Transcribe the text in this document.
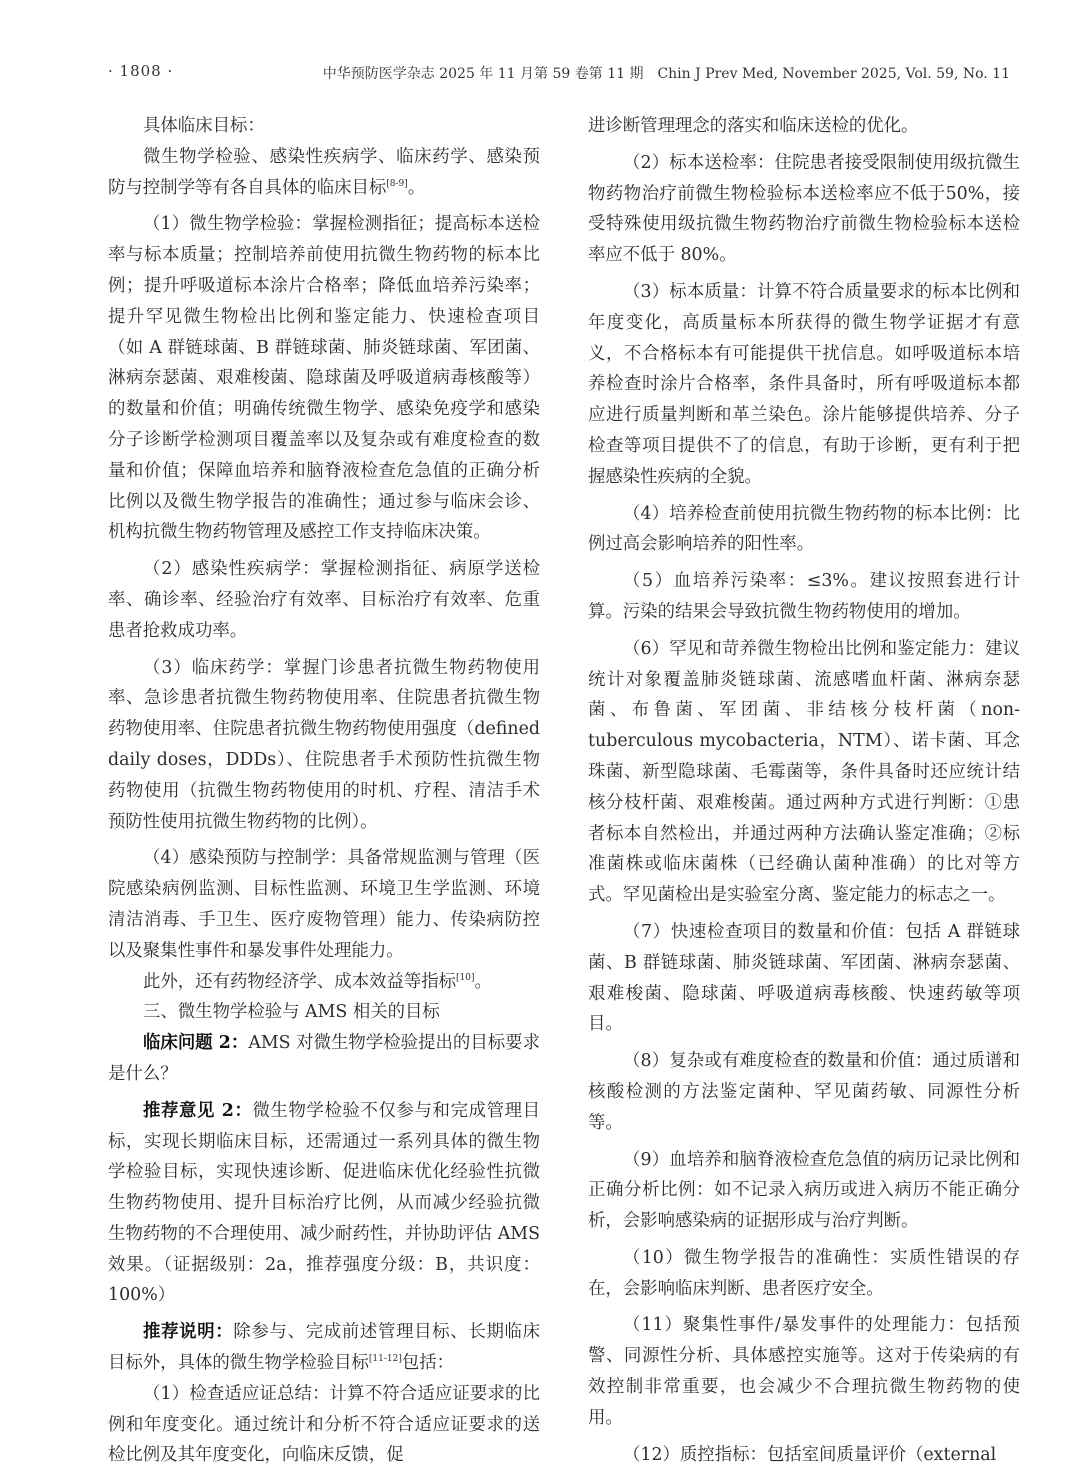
· 1808 ·	中华预防医学杂志 2025 年 11 月第 59 卷第 11 期　Chin J Prev Med, November 2025, Vol. 59, No. 11

具体临床目标：

微生物学检验、感染性疾病学、临床药学、感染预防与控制学等有各自具体的临床目标[8-9]。

（1）微生物学检验：掌握检测指征；提高标本送检率与标本质量；控制培养前使用抗微生物药物的标本比例；提升呼吸道标本涂片合格率；降低血培养污染率；提升罕见微生物检出比例和鉴定能力、快速检查项目（如 A 群链球菌、B 群链球菌、肺炎链球菌、军团菌、淋病奈瑟菌、艰难梭菌、隐球菌及呼吸道病毒核酸等）的数量和价值；明确传统微生物学、感染免疫学和感染分子诊断学检测项目覆盖率以及复杂或有难度检查的数量和价值；保障血培养和脑脊液检查危急值的正确分析比例以及微生物学报告的准确性；通过参与临床会诊、机构抗微生物药物管理及感控工作支持临床决策。

（2）感染性疾病学：掌握检测指征、病原学送检率、确诊率、经验治疗有效率、目标治疗有效率、危重患者抢救成功率。

（3）临床药学：掌握门诊患者抗微生物药物使用率、急诊患者抗微生物药物使用率、住院患者抗微生物药物使用率、住院患者抗微生物药物使用强度（defined daily doses，DDDs）、住院患者手术预防性抗微生物药物使用（抗微生物药物使用的时机、疗程、清洁手术预防性使用抗微生物药物的比例）。

（4）感染预防与控制学：具备常规监测与管理（医院感染病例监测、目标性监测、环境卫生学监测、环境清洁消毒、手卫生、医疗废物管理）能力、传染病防控以及聚集性事件和暴发事件处理能力。

此外，还有药物经济学、成本效益等指标[10]。

三、微生物学检验与 AMS 相关的目标

临床问题 2：AMS 对微生物学检验提出的目标要求是什么？

推荐意见 2：微生物学检验不仅参与和完成管理目标，实现长期临床目标，还需通过一系列具体的微生物学检验目标，实现快速诊断、促进临床优化经验性抗微生物药物使用、提升目标治疗比例，从而减少经验抗微生物药物的不合理使用、减少耐药性，并协助评估 AMS 效果。（证据级别：2a，推荐强度分级：B，共识度：100%）

推荐说明：除参与、完成前述管理目标、长期临床目标外，具体的微生物学检验目标[11-12]包括：

（1）检查适应证总结：计算不符合适应证要求的比例和年度变化。通过统计和分析不符合适应证要求的送检比例及其年度变化，向临床反馈，促

进诊断管理理念的落实和临床送检的优化。

（2）标本送检率：住院患者接受限制使用级抗微生物药物治疗前微生物检验标本送检率应不低于50%，接受特殊使用级抗微生物药物治疗前微生物检验标本送检率应不低于 80%。

（3）标本质量：计算不符合质量要求的标本比例和年度变化，高质量标本所获得的微生物学证据才有意义，不合格标本有可能提供干扰信息。如呼吸道标本培养检查时涂片合格率，条件具备时，所有呼吸道标本都应进行质量判断和革兰染色。涂片能够提供培养、分子检查等项目提供不了的信息，有助于诊断，更有利于把握感染性疾病的全貌。

（4）培养检查前使用抗微生物药物的标本比例：比例过高会影响培养的阳性率。

（5）血培养污染率：≤3%。建议按照套进行计算。污染的结果会导致抗微生物药物使用的增加。

（6）罕见和苛养微生物检出比例和鉴定能力：建议统计对象覆盖肺炎链球菌、流感嗜血杆菌、淋病奈瑟菌、布鲁菌、军团菌、非结核分枝杆菌（non-tuberculous mycobacteria，NTM）、诺卡菌、耳念珠菌、新型隐球菌、毛霉菌等，条件具备时还应统计结核分枝杆菌、艰难梭菌。通过两种方式进行判断：①患者标本自然检出，并通过两种方法确认鉴定准确；②标准菌株或临床菌株（已经确认菌种准确）的比对等方式。罕见菌检出是实验室分离、鉴定能力的标志之一。

（7）快速检查项目的数量和价值：包括 A 群链球菌、B 群链球菌、肺炎链球菌、军团菌、淋病奈瑟菌、艰难梭菌、隐球菌、呼吸道病毒核酸、快速药敏等项目。

（8）复杂或有难度检查的数量和价值：通过质谱和核酸检测的方法鉴定菌种、罕见菌药敏、同源性分析等。

（9）血培养和脑脊液检查危急值的病历记录比例和正确分析比例：如不记录入病历或进入病历不能正确分析，会影响感染病的证据形成与治疗判断。

（10）微生物学报告的准确性：实质性错误的存在，会影响临床判断、患者医疗安全。

（11）聚集性事件/暴发事件的处理能力：包括预警、同源性分析、具体感控实施等。这对于传染病的有效控制非常重要，也会减少不合理抗微生物药物的使用。

（12）质控指标：包括室间质量评价（external
